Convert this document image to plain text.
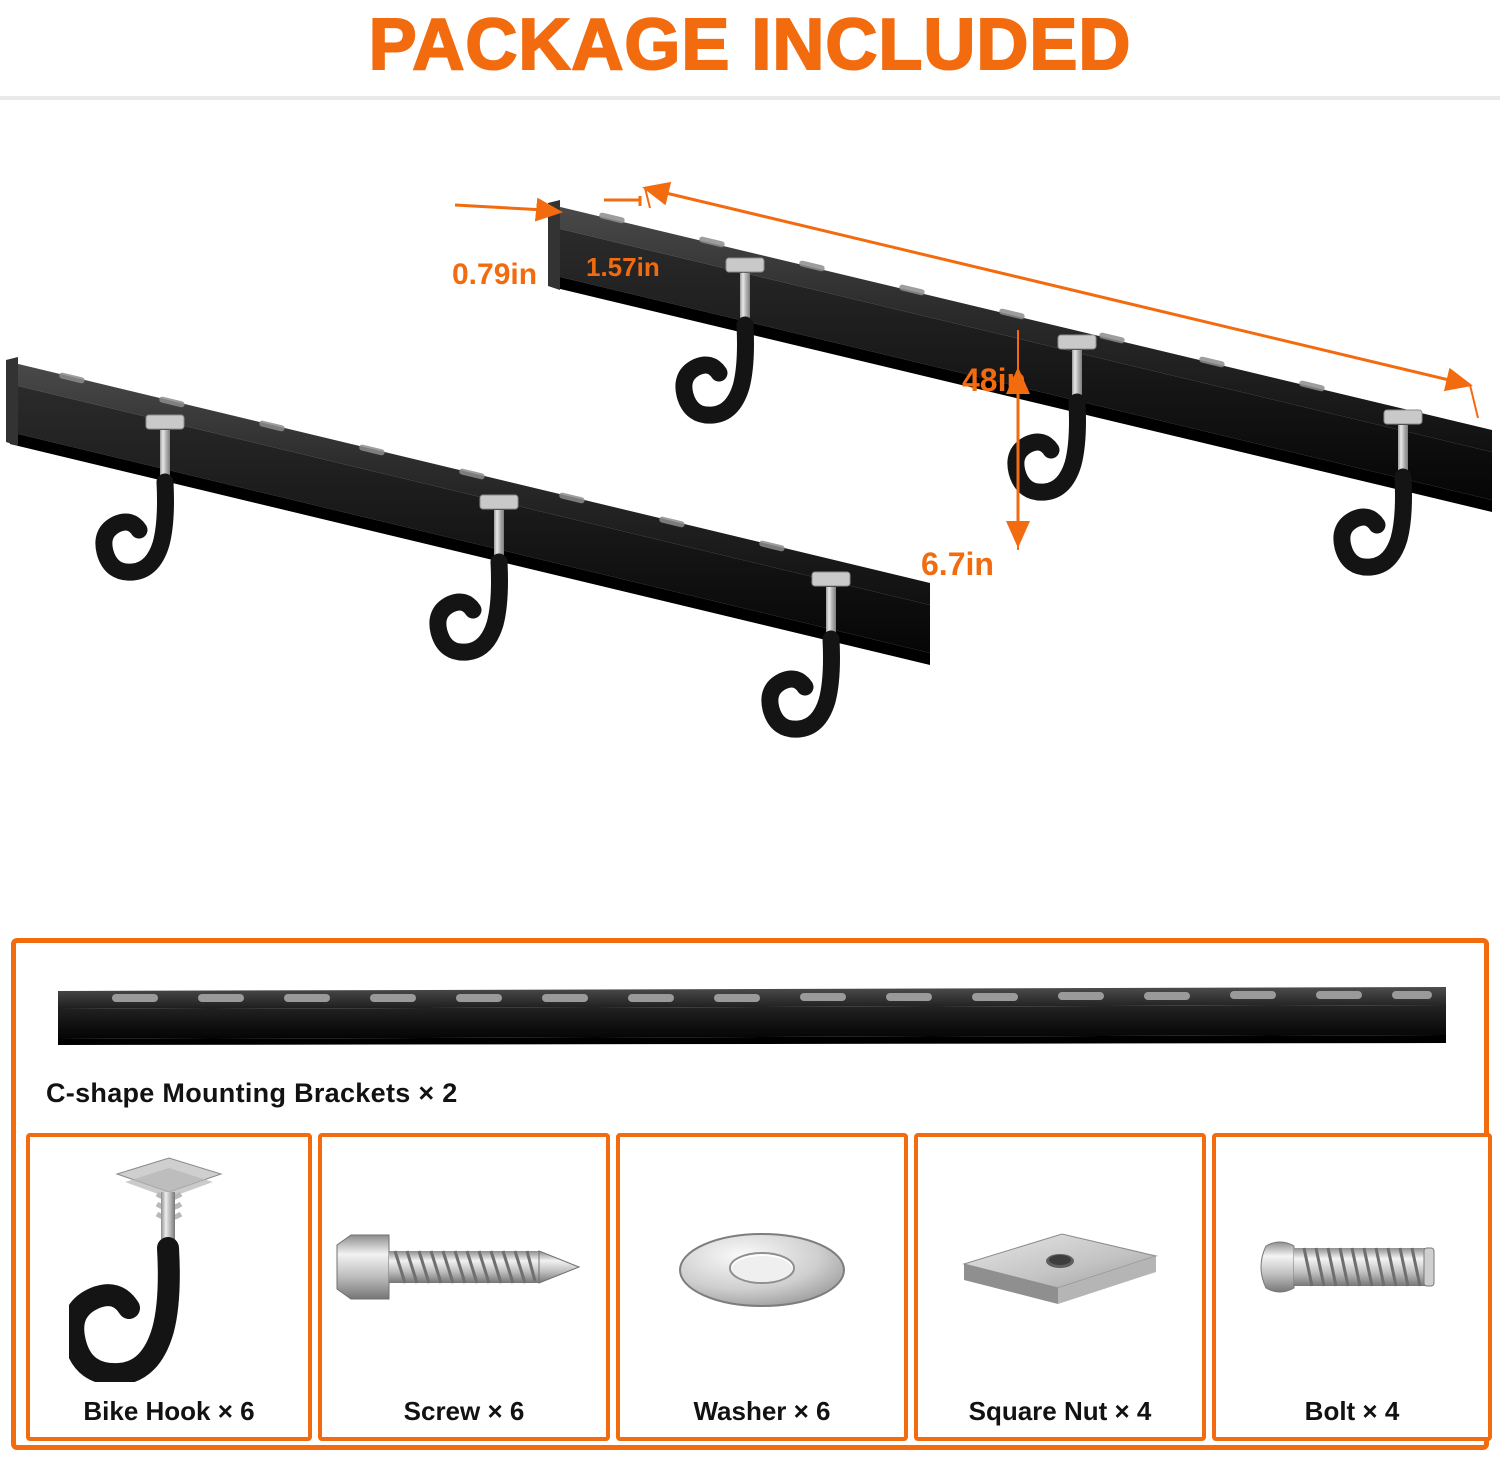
PACKAGE INCLUDED
0.79in 1.57in
48in
6.7in
C-shape Mounting Brackets × 2
Bike Hook × 6	Screw × 6	Washer × 6	Square Nut × 4	Bolt × 4
